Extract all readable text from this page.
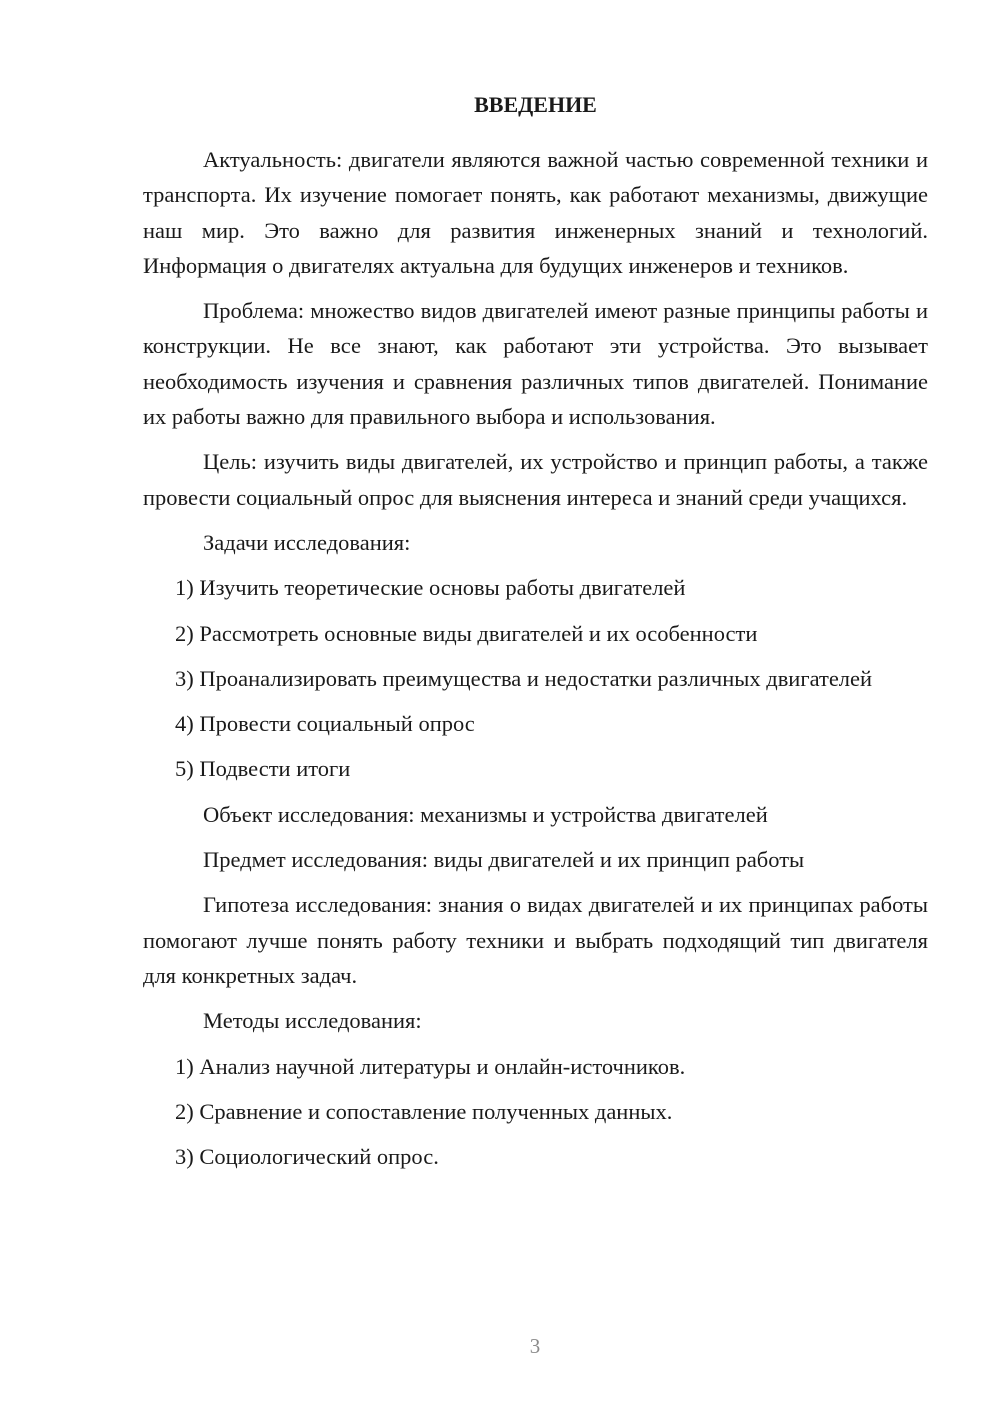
ВВЕДЕНИЕ

Актуальность: двигатели являются важной частью современной техники и транспорта. Их изучение помогает понять, как работают механизмы, движущие наш мир. Это важно для развития инженерных знаний и технологий. Информация о двигателях актуальна для будущих инженеров и техников.

Проблема: множество видов двигателей имеют разные принципы работы и конструкции. Не все знают, как работают эти устройства. Это вызывает необходимость изучения и сравнения различных типов двигателей. Понимание их работы важно для правильного выбора и использования.

Цель: изучить виды двигателей, их устройство и принцип работы, а также провести социальный опрос для выяснения интереса и знаний среди учащихся.

Задачи исследования:

1) Изучить теоретические основы работы двигателей

2) Рассмотреть основные виды двигателей и их особенности

3) Проанализировать преимущества и недостатки различных двигателей

4) Провести социальный опрос

5) Подвести итоги

Объект исследования: механизмы и устройства двигателей

Предмет исследования: виды двигателей и их принцип работы

Гипотеза исследования: знания о видах двигателей и их принципах работы помогают лучше понять работу техники и выбрать подходящий тип двигателя для конкретных задач.

Методы исследования:

1) Анализ научной литературы и онлайн-источников.

2) Сравнение и сопоставление полученных данных.

3) Социологический опрос.

3
